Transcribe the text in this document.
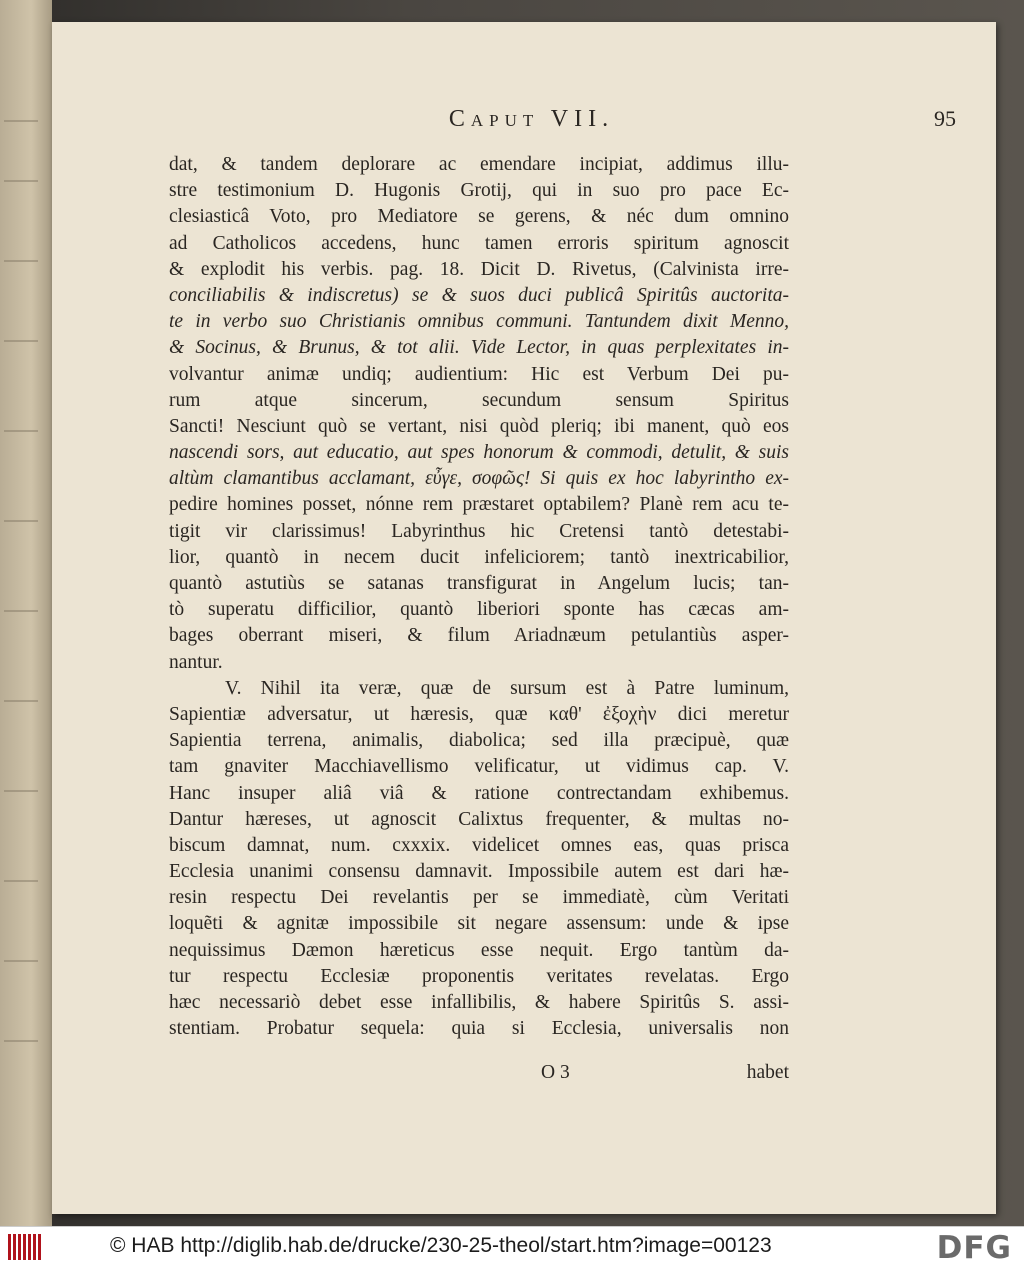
Caput VII.	95
dat, & tandem deplorare ac emendare incipiat, addimus illu-
stre testimonium D. Hugonis Grotij, qui in suo pro pace Ec-
clesiasticâ Voto, pro Mediatore se gerens, & néc dum omnino
ad Catholicos accedens, hunc tamen erroris spiritum agnoscit
& explodit his verbis. pag. 18. Dicit D. Rivetus, (Calvinista irre-
conciliabilis & indiscretus) se & suos duci publicâ Spiritûs auctorita-
te in verbo suo Christianis omnibus communi. Tantundem dixit Menno,
& Socinus, & Brunus, & tot alii. Vide Lector, in quas perplexitates in-
volvantur animæ undiq; audientium: Hic est Verbum Dei pu-
rum atque sincerum, secundum sensum Spiritus
Sancti! Nesciunt quò se vertant, nisi quòd pleriq; ibi manent, quò eos
nascendi sors, aut educatio, aut spes honorum & commodi, detulit, & suis
altùm clamantibus acclamant, εὖγε, σοφῶς! Si quis ex hoc labyrintho ex-
pedire homines posset, nónne rem præstaret optabilem? Planè rem acu te-
tigit vir clarissimus! Labyrinthus hic Cretensi tantò detestabi-
lior, quantò in necem ducit infeliciorem; tantò inextricabilior,
quantò astutiùs se satanas transfigurat in Angelum lucis; tan-
tò superatu difficilior, quantò liberiori sponte has cæcas am-
bages oberrant miseri, & filum Ariadnæum petulantiùs asper-
nantur.
V. Nihil ita veræ, quæ de sursum est à Patre luminum,
Sapientiæ adversatur, ut hæresis, quæ καθ' ἐξοχὴν dici meretur
Sapientia terrena, animalis, diabolica; sed illa præcipuè, quæ
tam gnaviter Macchiavellismo velificatur, ut vidimus cap. V.
Hanc insuper aliâ viâ & ratione contrectandam exhibemus.
Dantur hæreses, ut agnoscit Calixtus frequenter, & multas no-
biscum damnat, num. cxxxix. videlicet omnes eas, quas prisca
Ecclesia unanimi consensu damnavit. Impossibile autem est dari hæ-
resin respectu Dei revelantis per se immediatè, cùm Veritati
loquẽti & agnitæ impossibile sit negare assensum: unde & ipse
nequissimus Dæmon hæreticus esse nequit. Ergo tantùm da-
tur respectu Ecclesiæ proponentis veritates revelatas. Ergo
hæc necessariò debet esse infallibilis, & habere Spiritûs S. assi-
stentiam. Probatur sequela: quia si Ecclesia, universalis non
O 3	habet
© HAB http://diglib.hab.de/drucke/230-25-theol/start.htm?image=00123	DFG
